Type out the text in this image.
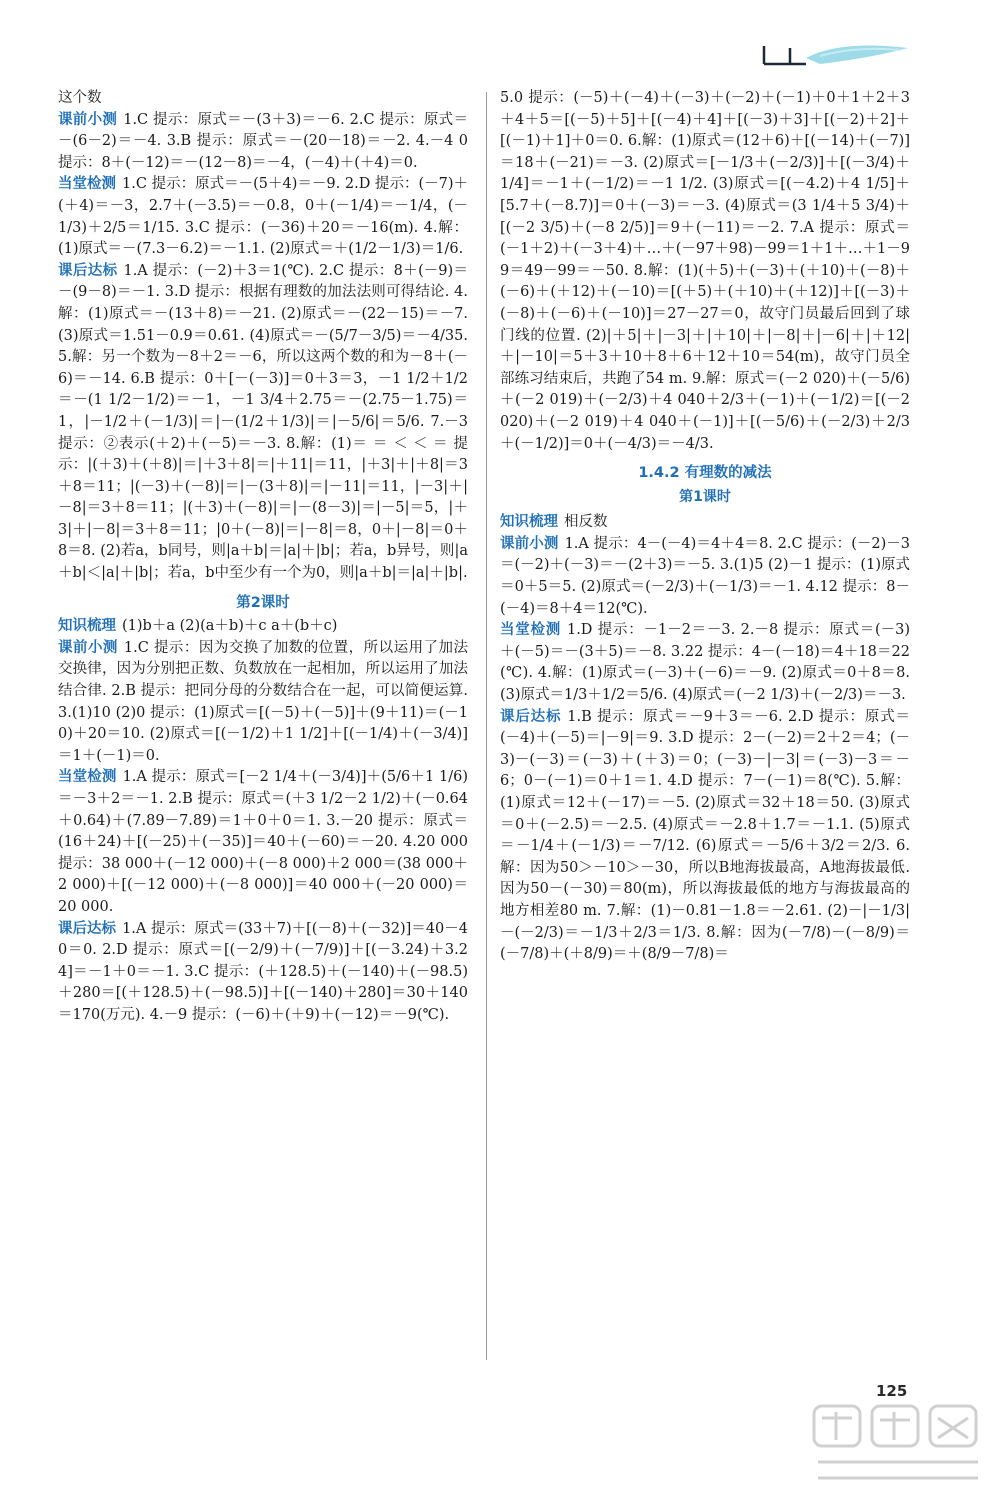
这个数

课前小测 1.C 提示：原式＝－(3＋3)＝－6. 2.C 提示：原式＝－(6－2)＝－4. 3.B 提示：原式＝－(20－18)＝－2. 4.－4 0 提示：8＋(－12)＝－(12－8)＝－4，(－4)＋(＋4)＝0.

当堂检测 1.C 提示：原式＝－(5＋4)＝－9. 2.D 提示：(－7)＋(＋4)＝－3，2.7＋(－3.5)＝－0.8，0＋(－1/4)＝－1/4，(－1/3)＋2/5＝1/15. 3.C 提示：(－36)＋20＝－16(m). 4.解：(1)原式＝－(7.3－6.2)＝－1.1. (2)原式＝＋(1/2－1/3)＝1/6.

课后达标 1.A 提示：(－2)＋3＝1(℃). 2.C 提示：8＋(－9)＝－(9－8)＝－1. 3.D 提示：根据有理数的加法法则可得结论. 4.解：(1)原式＝－(13＋8)＝－21. (2)原式＝－(22－15)＝－7. (3)原式＝1.51－0.9＝0.61. (4)原式＝－(5/7－3/5)＝－4/35. 5.解：另一个数为－8＋2＝－6，所以这两个数的和为－8＋(－6)＝－14. 6.B 提示：0＋[－(－3)]＝0＋3＝3，－1 1/2＋1/2＝－(1 1/2－1/2)＝－1，－1 3/4＋2.75＝－(2.75－1.75)＝1，|－1/2＋(－1/3)|＝|－(1/2＋1/3)|＝|－5/6|＝5/6. 7.－3 提示：②表示(＋2)＋(－5)＝－3. 8.解：(1)＝ ＝ ＜ ＜ ＝ 提示：|(＋3)＋(＋8)|＝|＋3＋8|＝|＋11|＝11，|＋3|＋|＋8|＝3＋8＝11；|(－3)＋(－8)|＝|－(3＋8)|＝|－11|＝11，|－3|＋|－8|＝3＋8＝11；|(＋3)＋(－8)|＝|－(8－3)|＝|－5|＝5，|＋3|＋|－8|＝3＋8＝11；|0＋(－8)|＝|－8|＝8，0＋|－8|＝0＋8＝8. (2)若a，b同号，则|a＋b|＝|a|＋|b|；若a，b异号，则|a＋b|＜|a|＋|b|；若a，b中至少有一个为0，则|a＋b|＝|a|＋|b|.

第2课时

知识梳理 (1)b＋a (2)(a＋b)＋c a＋(b＋c)

课前小测 1.C 提示：因为交换了加数的位置，所以运用了加法交换律，因为分别把正数、负数放在一起相加，所以运用了加法结合律. 2.B 提示：把同分母的分数结合在一起，可以简便运算. 3.(1)10 (2)0 提示：(1)原式＝[(－5)＋(－5)]＋(9＋11)＝(－10)＋20＝10. (2)原式＝[(－1/2)＋1 1/2]＋[(－1/4)＋(－3/4)]＝1＋(－1)＝0.

当堂检测 1.A 提示：原式＝[－2 1/4＋(－3/4)]＋(5/6＋1 1/6)＝－3＋2＝－1. 2.B 提示：原式＝(＋3 1/2－2 1/2)＋(－0.64＋0.64)＋(7.89－7.89)＝1＋0＋0＝1. 3.－20 提示：原式＝(16＋24)＋[(－25)＋(－35)]＝40＋(－60)＝－20. 4.20 000 提示：38 000＋(－12 000)＋(－8 000)＋2 000＝(38 000＋2 000)＋[(－12 000)＋(－8 000)]＝40 000＋(－20 000)＝20 000.

课后达标 1.A 提示：原式＝(33＋7)＋[(－8)＋(－32)]＝40－40＝0. 2.D 提示：原式＝[(－2/9)＋(－7/9)]＋[(－3.24)＋3.24]＝－1＋0＝－1. 3.C 提示：(＋128.5)＋(－140)＋(－98.5)＋280＝[(＋128.5)＋(－98.5)]＋[(－140)＋280]＝30＋140＝170(万元). 4.－9 提示：(－6)＋(＋9)＋(－12)＝－9(℃).

5.0 提示：(－5)＋(－4)＋(－3)＋(－2)＋(－1)＋0＋1＋2＋3＋4＋5＝[(－5)＋5]＋[(－4)＋4]＋[(－3)＋3]＋[(－2)＋2]＋[(－1)＋1]＋0＝0. 6.解：(1)原式＝(12＋6)＋[(－14)＋(－7)]＝18＋(－21)＝－3. (2)原式＝[－1/3＋(－2/3)]＋[(－3/4)＋1/4]＝－1＋(－1/2)＝－1 1/2. (3)原式＝[(－4.2)＋4 1/5]＋[5.7＋(－8.7)]＝0＋(－3)＝－3. (4)原式＝(3 1/4＋5 3/4)＋[(－2 3/5)＋(－8 2/5)]＝9＋(－11)＝－2. 7.A 提示：原式＝(－1＋2)＋(－3＋4)＋…＋(－97＋98)－99＝1＋1＋…＋1－99＝49－99＝－50. 8.解：(1)(＋5)＋(－3)＋(＋10)＋(－8)＋(－6)＋(＋12)＋(－10)＝[(＋5)＋(＋10)＋(＋12)]＋[(－3)＋(－8)＋(－6)＋(－10)]＝27－27＝0，故守门员最后回到了球门线的位置. (2)|＋5|＋|－3|＋|＋10|＋|－8|＋|－6|＋|＋12|＋|－10|＝5＋3＋10＋8＋6＋12＋10＝54(m)，故守门员全部练习结束后，共跑了54 m. 9.解：原式＝(－2 020)＋(－5/6)＋(－2 019)＋(－2/3)＋4 040＋2/3＋(－1)＋(－1/2)＝[(－2 020)＋(－2 019)＋4 040＋(－1)]＋[(－5/6)＋(－2/3)＋2/3＋(－1/2)]＝0＋(－4/3)＝－4/3.

1.4.2 有理数的减法
第1课时

知识梳理 相反数

课前小测 1.A 提示：4－(－4)＝4＋4＝8. 2.C 提示：(－2)－3＝(－2)＋(－3)＝－(2＋3)＝－5. 3.(1)5 (2)－1 提示：(1)原式＝0＋5＝5. (2)原式＝(－2/3)＋(－1/3)＝－1. 4.12 提示：8－(－4)＝8＋4＝12(℃).

当堂检测 1.D 提示：－1－2＝－3. 2.－8 提示：原式＝(－3)＋(－5)＝－(3＋5)＝－8. 3.22 提示：4－(－18)＝4＋18＝22(℃). 4.解：(1)原式＝(－3)＋(－6)＝－9. (2)原式＝0＋8＝8. (3)原式＝1/3＋1/2＝5/6. (4)原式＝(－2 1/3)＋(－2/3)＝－3.

课后达标 1.B 提示：原式＝－9＋3＝－6. 2.D 提示：原式＝(－4)＋(－5)＝|－9|＝9. 3.D 提示：2－(－2)＝2＋2＝4；(－3)－(－3)＝(－3)＋(＋3)＝0；(－3)－|－3|＝(－3)－3＝－6；0－(－1)＝0＋1＝1. 4.D 提示：7－(－1)＝8(℃). 5.解：(1)原式＝12＋(－17)＝－5. (2)原式＝32＋18＝50. (3)原式＝0＋(－2.5)＝－2.5. (4)原式＝－2.8＋1.7＝－1.1. (5)原式＝－1/4＋(－1/3)＝－7/12. (6)原式＝－5/6＋3/2＝2/3. 6.解：因为50＞－10＞－30，所以B地海拔最高，A地海拔最低. 因为50－(－30)＝80(m)，所以海拔最低的地方与海拔最高的地方相差80 m. 7.解：(1)－0.81－1.8＝－2.61. (2)－|－1/3|－(－2/3)＝－1/3＋2/3＝1/3. 8.解：因为(－7/8)－(－8/9)＝(－7/8)＋(＋8/9)＝＋(8/9－7/8)＝

125
